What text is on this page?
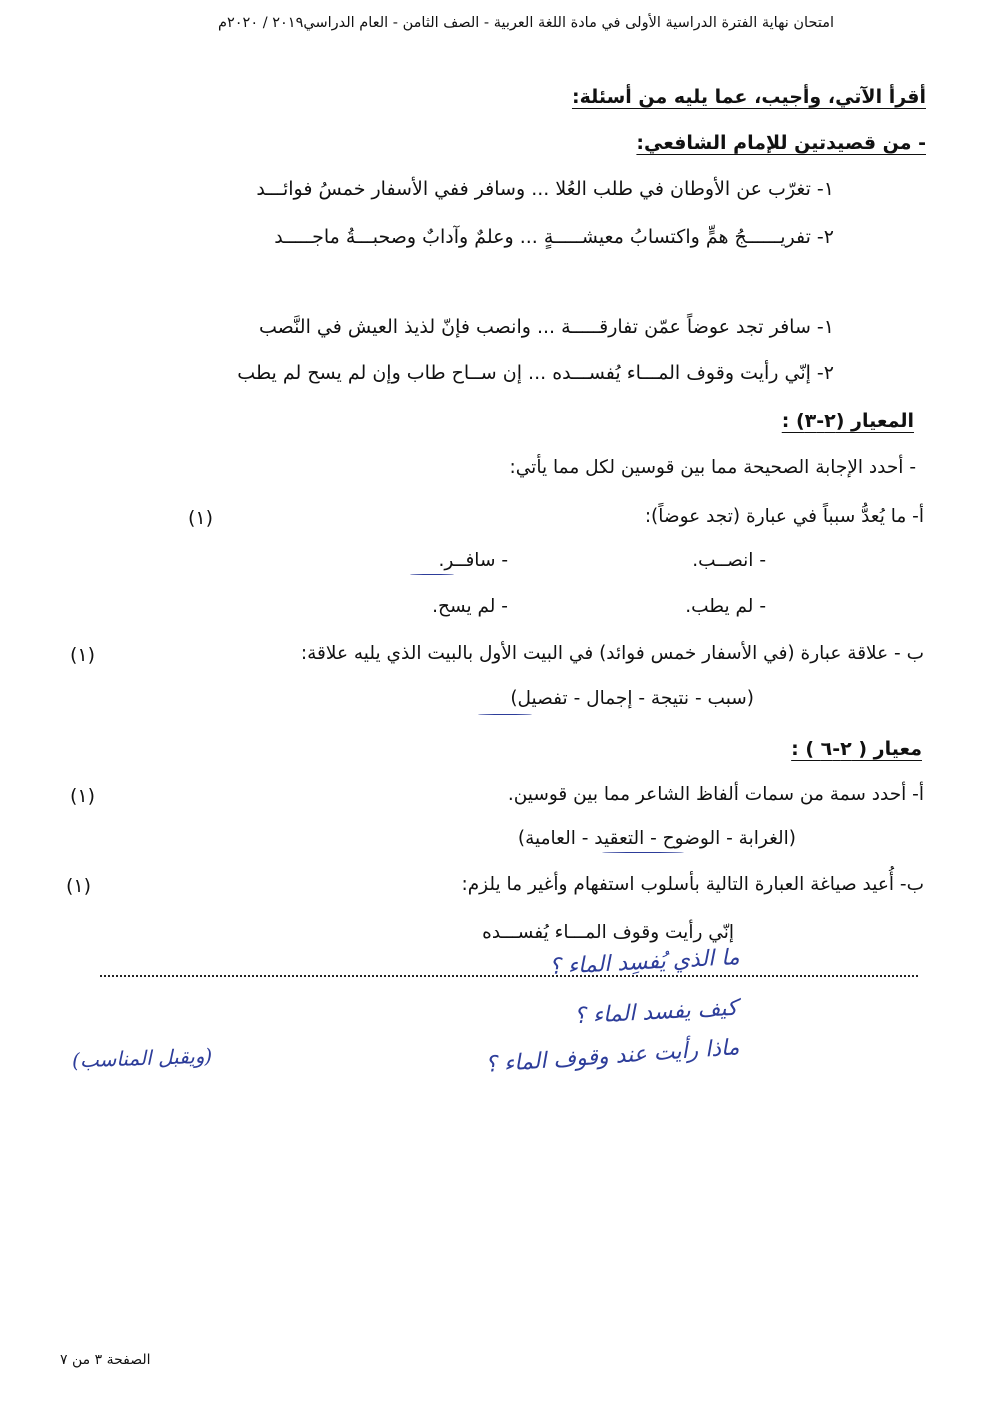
امتحان نهاية الفترة الدراسية الأولى في مادة اللغة العربية - الصف الثامن - العام الدراسي٢٠١٩ / ٢٠٢٠م
أقرأ الآتي، وأجيب، عما يليه من أسئلة:
- من قصيدتين للإمام الشافعي:
١- تغرّب عن الأوطان في طلب العُلا ... وسافر ففي الأسفار خمسُ فوائـــد
٢- تفريــــــجُ همٍّ واكتسابُ معيشـــــةٍ ... وعلمٌ وآدابٌ وصحبـــةُ ماجـــــد
١- سافر تجد عوضاً عمّن تفارقـــــة ... وانصب فإنّ لذيذ العيش في النَّصب
٢- إنّي رأيت وقوف المـــاء يُفســـده ... إن ســاح طاب وإن لم يسح لم يطب
المعيار (٢-٣) :
- أحدد الإجابة الصحيحة مما بين قوسين لكل مما يأتي:
أ- ما يُعدُّ سبباً في عبارة (تجد عوضاً):
(١)
- انصــب.
- سافــر.
- لم يطب.
- لم يسح.
ب - علاقة عبارة (في الأسفار خمس فوائد) في البيت الأول بالبيت الذي يليه علاقة:
(١)
(سبب - نتيجة - إجمال - تفصيل)
معيار ( ٢-٦ ) :
أ- أحدد سمة من سمات ألفاظ الشاعر مما بين قوسين.
(١)
(الغرابة - الوضوح - التعقيد - العامية)
ب- أُعيد صياغة العبارة التالية بأسلوب استفهام وأغير ما يلزم:
(١)
إنّي رأيت وقوف المـــاء يُفســـده
ما الذي يُفسِد الماء ؟
كيف يفسد الماء ؟
ماذا رأيت عند وقوف الماء ؟
(ويقبل المناسب)
الصفحة ٣ من ٧
